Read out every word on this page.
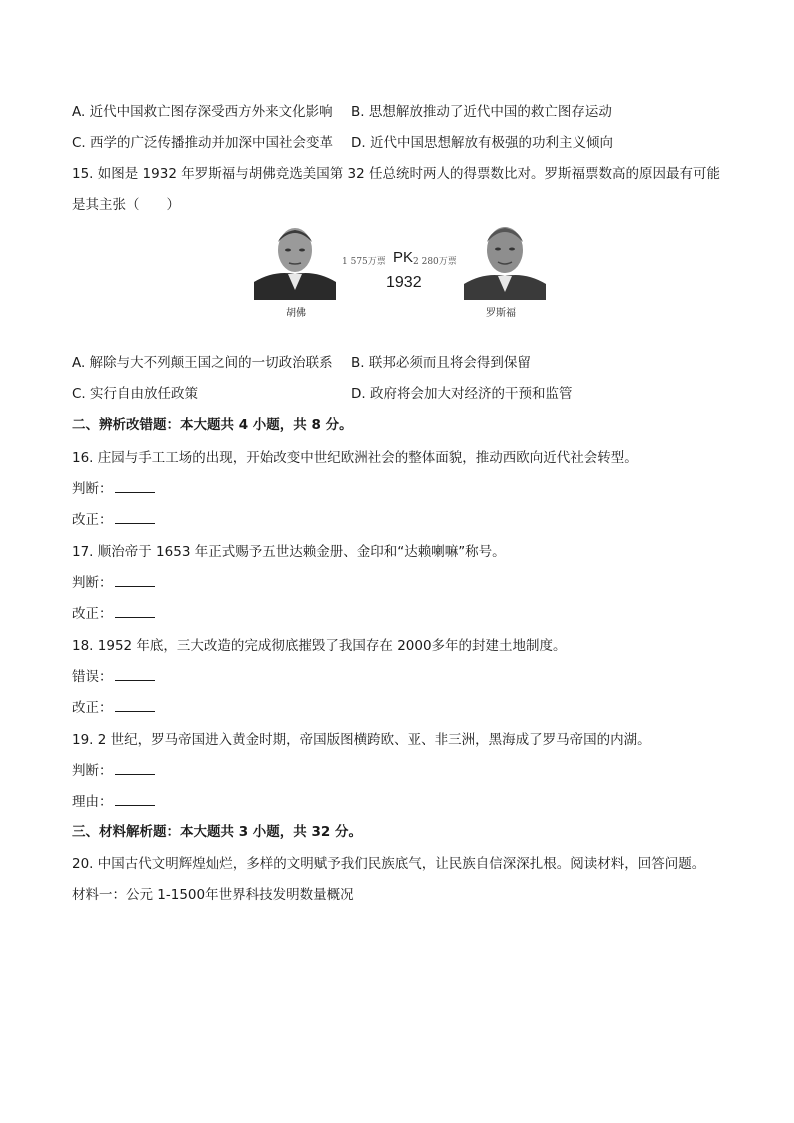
A. 近代中国救亡图存深受西方外来文化影响 B. 思想解放推动了近代中国的救亡图存运动
C. 西学的广泛传播推动并加深中国社会变革 D. 近代中国思想解放有极强的功利主义倾向
15. 如图是 1932 年罗斯福与胡佛竞选美国第 32 任总统时两人的得票数比对。罗斯福票数高的原因最有可能
是其主张（　　）
1 575万票 PK 2 280万票
1932
胡佛	罗斯福
A. 解除与大不列颠王国之间的一切政治联系 B. 联邦必须而且将会得到保留
C. 实行自由放任政策	D. 政府将会加大对经济的干预和监管
二、辨析改错题：本大题共 4 小题，共 8 分。
16. 庄园与手工工场的出现，开始改变中世纪欧洲社会的整体面貌，推动西欧向近代社会转型。
判断：
改正：
17. 顺治帝于 1653 年正式赐予五世达赖金册、金印和“达赖喇嘛”称号。
判断：
改正：
18. 1952 年底，三大改造的完成彻底摧毁了我国存在 2000多年的封建土地制度。
错误：
改正：
19. 2 世纪，罗马帝国进入黄金时期，帝国版图横跨欧、亚、非三洲，黑海成了罗马帝国的内湖。
判断：
理由：
三、材料解析题：本大题共 3 小题，共 32 分。
20. 中国古代文明辉煌灿烂，多样的文明赋予我们民族底气，让民族自信深深扎根。阅读材料，回答问题。
材料一：公元 1-1500年世界科技发明数量概况
